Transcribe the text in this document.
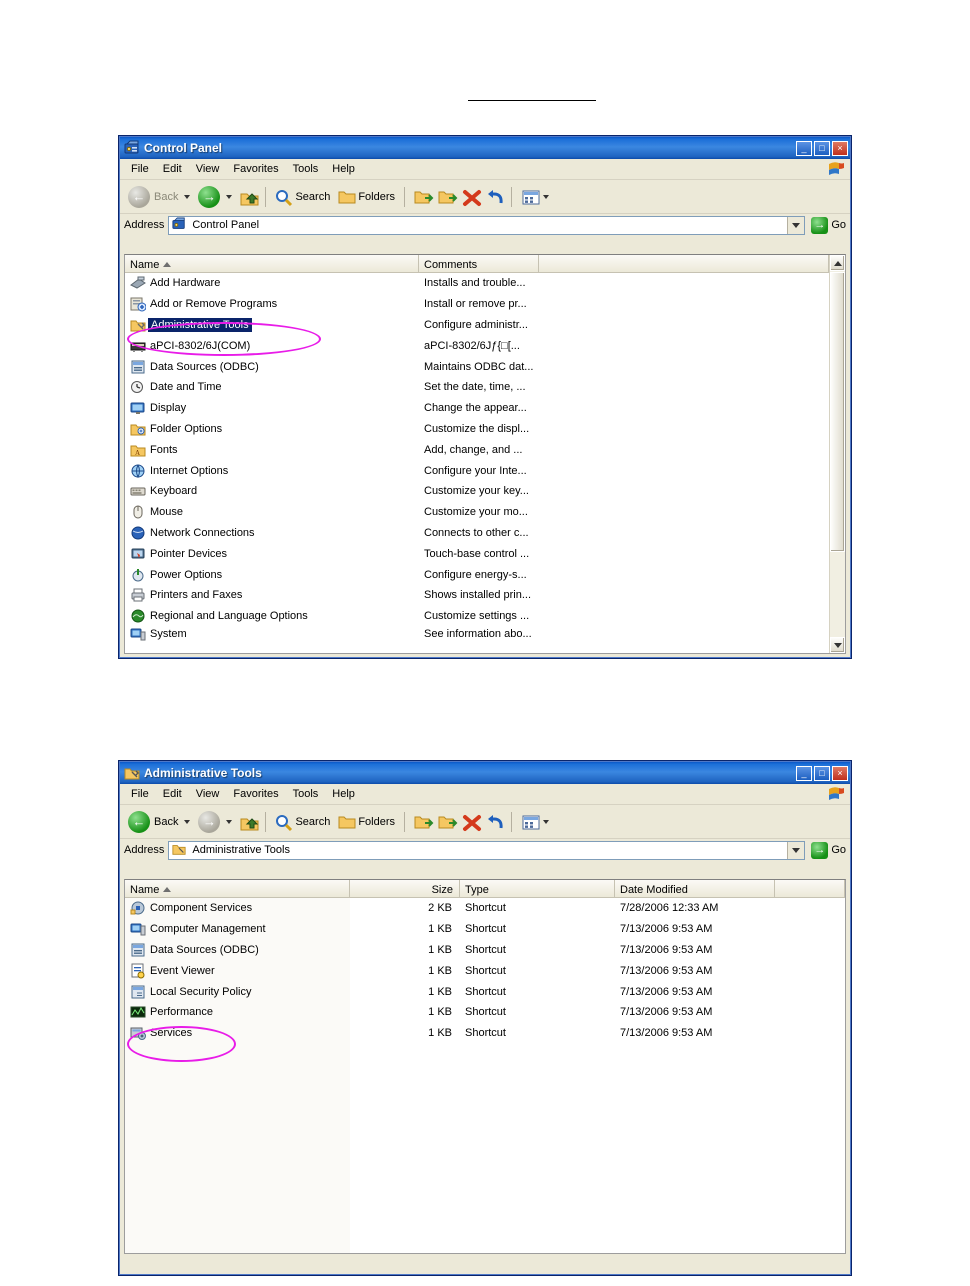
Control Panel	_	□	×
File	Edit	View	Favorites	Tools	Help
← Back	→	Search	Folders
Address	Control Panel	→ Go
Name	Comments
Add Hardware	Installs and trouble...
Add or Remove Programs	Install or remove pr...
Administrative Tools	Configure administr...
aPCI-8302/6J(COM)	aPCI-8302/6Jƒ{□[...
Data Sources (ODBC)	Maintains ODBC dat...
Date and Time	Set the date, time, ...
Display	Change the appear...
Folder Options	Customize the displ...
A Fonts	Add, change, and ...
Internet Options	Configure your Inte...
Keyboard	Customize your key...
Mouse	Customize your mo...
Network Connections	Connects to other c...
Pointer Devices	Touch-base control ...
Power Options	Configure energy-s...
Printers and Faxes	Shows installed prin...
Regional and Language Options	Customize settings ...
System	See information abo...
Administrative Tools	_	□	×
File	Edit	View	Favorites	Tools	Help
← Back	→	Search	Folders
Address	Administrative Tools	→ Go
Name	Size Type	Date Modified
Component Services	2 KB Shortcut	7/28/2006 12:33 AM
Computer Management	1 KB Shortcut	7/13/2006 9:53 AM
Data Sources (ODBC)	1 KB Shortcut	7/13/2006 9:53 AM
Event Viewer	1 KB Shortcut	7/13/2006 9:53 AM
Local Security Policy	1 KB Shortcut	7/13/2006 9:53 AM
Performance	1 KB Shortcut	7/13/2006 9:53 AM
Services	1 KB Shortcut	7/13/2006 9:53 AM
